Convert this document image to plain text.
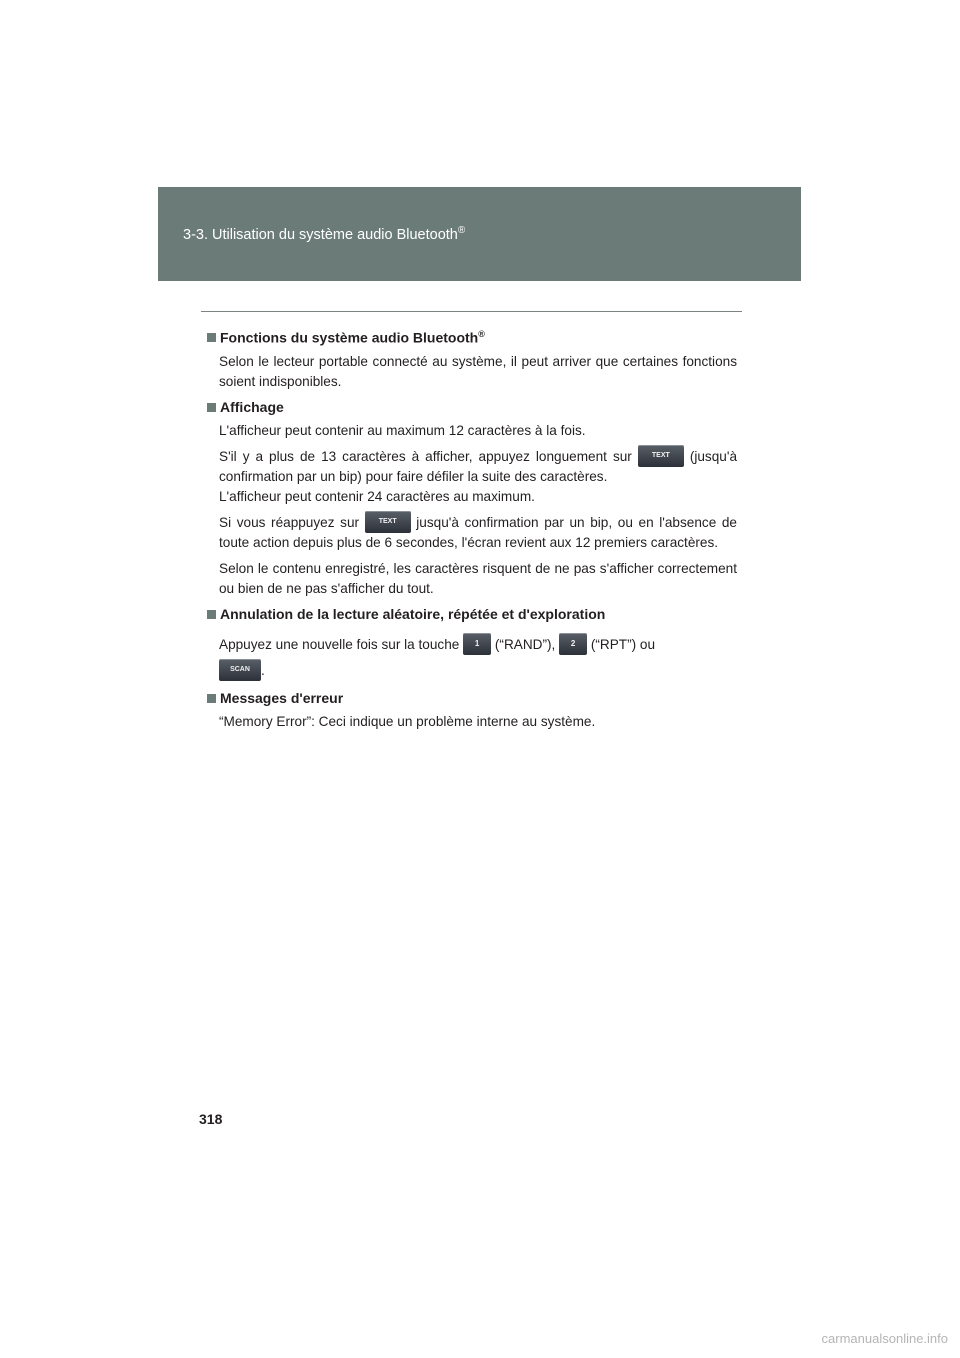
3-3. Utilisation du système audio Bluetooth®

Fonctions du système audio Bluetooth®

Selon le lecteur portable connecté au système, il peut arriver que certaines fonctions soient indisponibles.

Affichage

L'afficheur peut contenir au maximum 12 caractères à la fois.

S'il y a plus de 13 caractères à afficher, appuyez longuement sur	TEXT (jusqu'à confirmation par un bip) pour faire défiler la suite des caractères.
L'afficheur peut contenir 24 caractères au maximum.

Si vous réappuyez sur	TEXT jusqu'à confirmation par un bip, ou en l'absence de toute action depuis plus de 6 secondes, l'écran revient aux 12 premiers caractères.

Selon le contenu enregistré, les caractères risquent de ne pas s'afficher correctement ou bien de ne pas s'afficher du tout.

Annulation de la lecture aléatoire, répétée et d'exploration

Appuyez une nouvelle fois sur la touche 1 (“RAND”), 2 (“RPT”) ou
SCAN .

Messages d'erreur

“Memory Error”: Ceci indique un problème interne au système.

318
carmanualsonline.info
